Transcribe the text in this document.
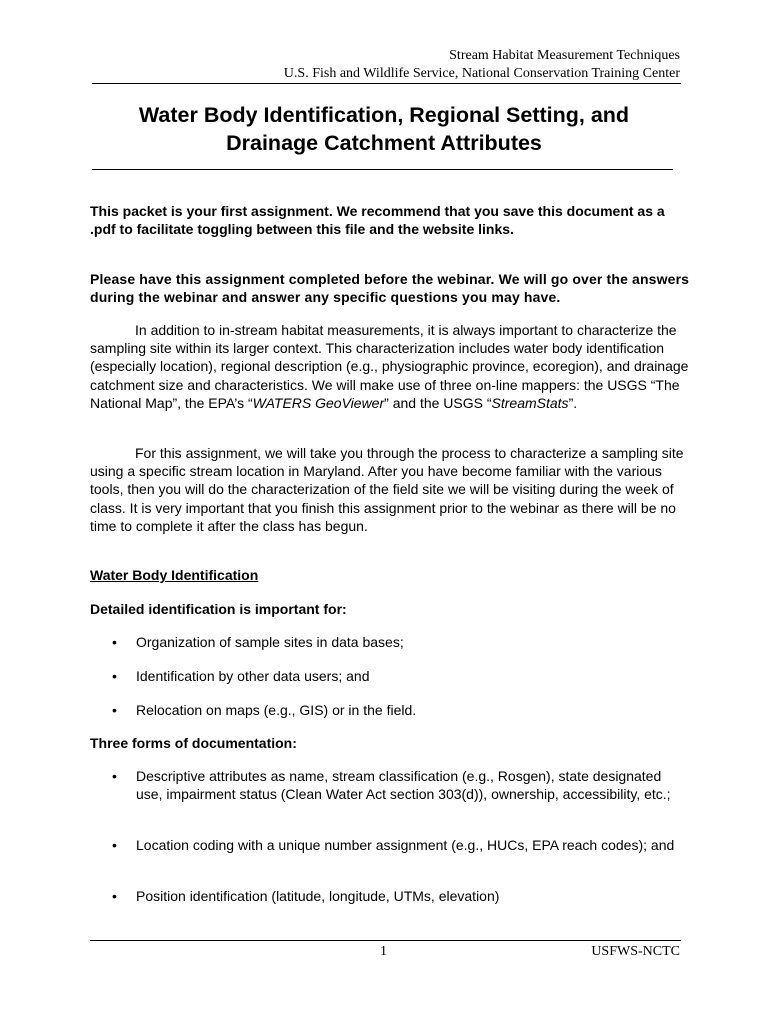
Stream Habitat Measurement Techniques
U.S. Fish and Wildlife Service, National Conservation Training Center
Water Body Identification, Regional Setting, and
Drainage Catchment Attributes
This packet is your first assignment. We recommend that you save this document as a .pdf to facilitate toggling between this file and the website links.
Please have this assignment completed before the webinar. We will go over the answers during the webinar and answer any specific questions you may have.
In addition to in-stream habitat measurements, it is always important to characterize the sampling site within its larger context. This characterization includes water body identification (especially location), regional description (e.g., physiographic province, ecoregion), and drainage catchment size and characteristics. We will make use of three on-line mappers: the USGS “The National Map”, the EPA’s “WATERS GeoViewer” and the USGS “StreamStats”.
For this assignment, we will take you through the process to characterize a sampling site using a specific stream location in Maryland. After you have become familiar with the various tools, then you will do the characterization of the field site we will be visiting during the week of class. It is very important that you finish this assignment prior to the webinar as there will be no time to complete it after the class has begun.
Water Body Identification
Detailed identification is important for:
• Organization of sample sites in data bases;
• Identification by other data users; and
• Relocation on maps (e.g., GIS) or in the field.
Three forms of documentation:
• Descriptive attributes as name, stream classification (e.g., Rosgen), state designated use, impairment status (Clean Water Act section 303(d)), ownership, accessibility, etc.;
• Location coding with a unique number assignment (e.g., HUCs, EPA reach codes); and
• Position identification (latitude, longitude, UTMs, elevation)
1	USFWS-NCTC
